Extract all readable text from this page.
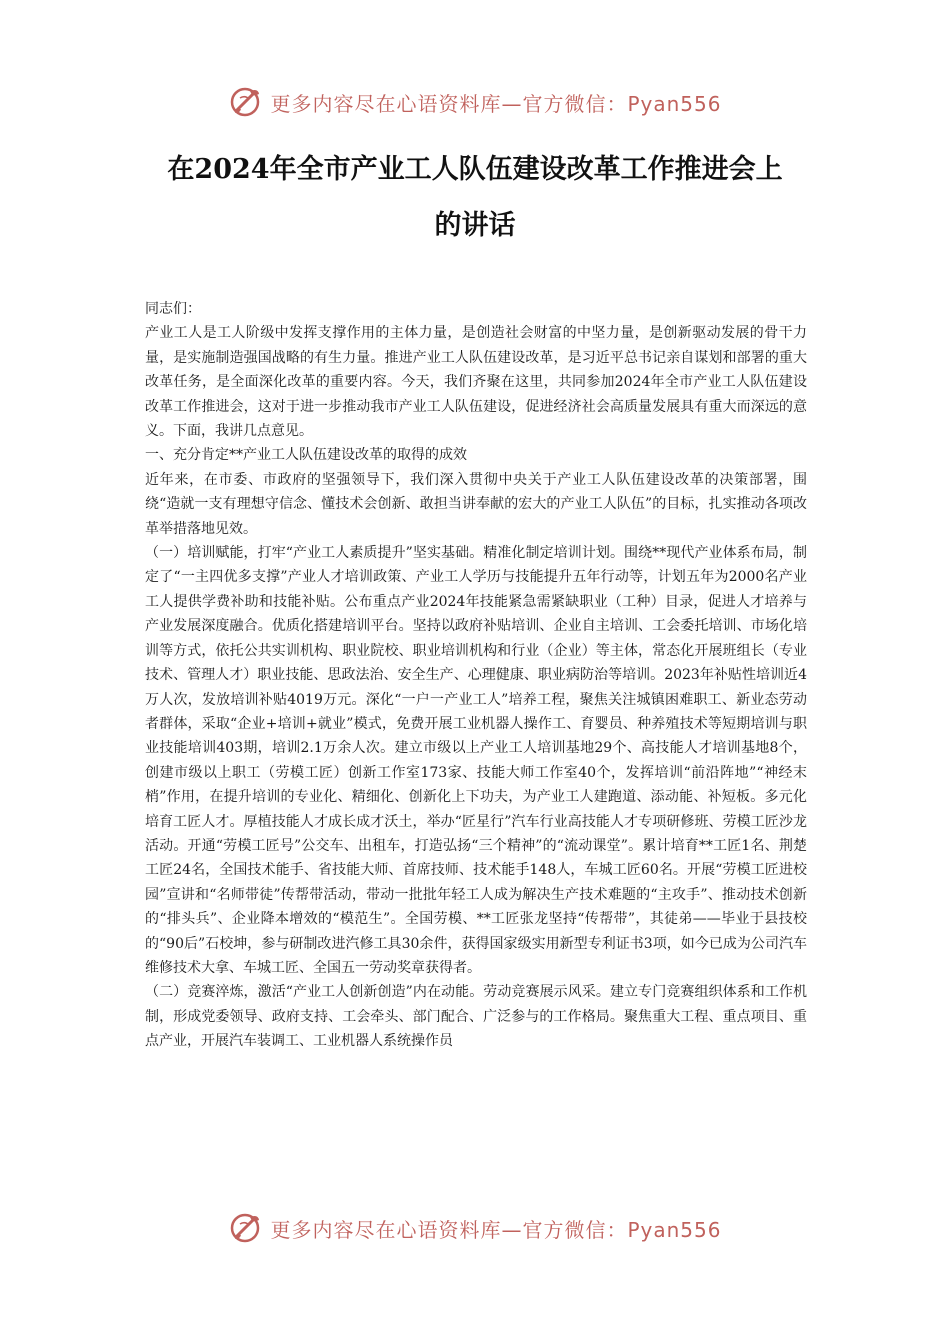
更多内容尽在心语资料库—官方微信：Pyan556
在2024年全市产业工人队伍建设改革工作推进会上
的讲话

同志们：

产业工人是工人阶级中发挥支撑作用的主体力量，是创造社会财富的中坚力量，是创新驱动发展的骨干力量，是实施制造强国战略的有生力量。推进产业工人队伍建设改革，是习近平总书记亲自谋划和部署的重大改革任务，是全面深化改革的重要内容。今天，我们齐聚在这里，共同参加2024年全市产业工人队伍建设改革工作推进会，这对于进一步推动我市产业工人队伍建设，促进经济社会高质量发展具有重大而深远的意义。下面，我讲几点意见。

一、充分肯定**产业工人队伍建设改革的取得的成效

近年来，在市委、市政府的坚强领导下，我们深入贯彻中央关于产业工人队伍建设改革的决策部署，围绕“造就一支有理想守信念、懂技术会创新、敢担当讲奉献的宏大的产业工人队伍”的目标，扎实推动各项改革举措落地见效。

（一）培训赋能，打牢“产业工人素质提升”坚实基础。精准化制定培训计划。围绕**现代产业体系布局，制定了“一主四优多支撑”产业人才培训政策、产业工人学历与技能提升五年行动等，计划五年为2000名产业工人提供学费补助和技能补贴。公布重点产业2024年技能紧急需紧缺职业（工种）目录，促进人才培养与产业发展深度融合。优质化搭建培训平台。坚持以政府补贴培训、企业自主培训、工会委托培训、市场化培训等方式，依托公共实训机构、职业院校、职业培训机构和行业（企业）等主体，常态化开展班组长（专业技术、管理人才）职业技能、思政法治、安全生产、心理健康、职业病防治等培训。2023年补贴性培训近4万人次，发放培训补贴4019万元。深化“一户一产业工人”培养工程，聚焦关注城镇困难职工、新业态劳动者群体，采取“企业+培训+就业”模式，免费开展工业机器人操作工、育婴员、种养殖技术等短期培训与职业技能培训403期，培训2.1万余人次。建立市级以上产业工人培训基地29个、高技能人才培训基地8个，创建市级以上职工（劳模工匠）创新工作室173家、技能大师工作室40个，发挥培训“前沿阵地”“神经末梢”作用，在提升培训的专业化、精细化、创新化上下功夫，为产业工人建跑道、添动能、补短板。多元化培育工匠人才。厚植技能人才成长成才沃土，举办“匠星行”汽车行业高技能人才专项研修班、劳模工匠沙龙活动。开通“劳模工匠号”公交车、出租车，打造弘扬“三个精神”的“流动课堂”。累计培育**工匠1名、荆楚工匠24名，全国技术能手、省技能大师、首席技师、技术能手148人，车城工匠60名。开展“劳模工匠进校园”宣讲和“名师带徒”传帮带活动，带动一批批年轻工人成为解决生产技术难题的“主攻手”、推动技术创新的“排头兵”、企业降本增效的“模范生”。全国劳模、**工匠张龙坚持“传帮带”，其徒弟——毕业于县技校的“90后”石校坤，参与研制改进汽修工具30余件，获得国家级实用新型专利证书3项，如今已成为公司汽车维修技术大拿、车城工匠、全国五一劳动奖章获得者。

（二）竞赛淬炼，激活“产业工人创新创造”内在动能。劳动竞赛展示风采。建立专门竞赛组织体系和工作机制，形成党委领导、政府支持、工会牵头、部门配合、广泛参与的工作格局。聚焦重大工程、重点项目、重点产业，开展汽车装调工、工业机器人系统操作员

更多内容尽在心语资料库—官方微信：Pyan556
